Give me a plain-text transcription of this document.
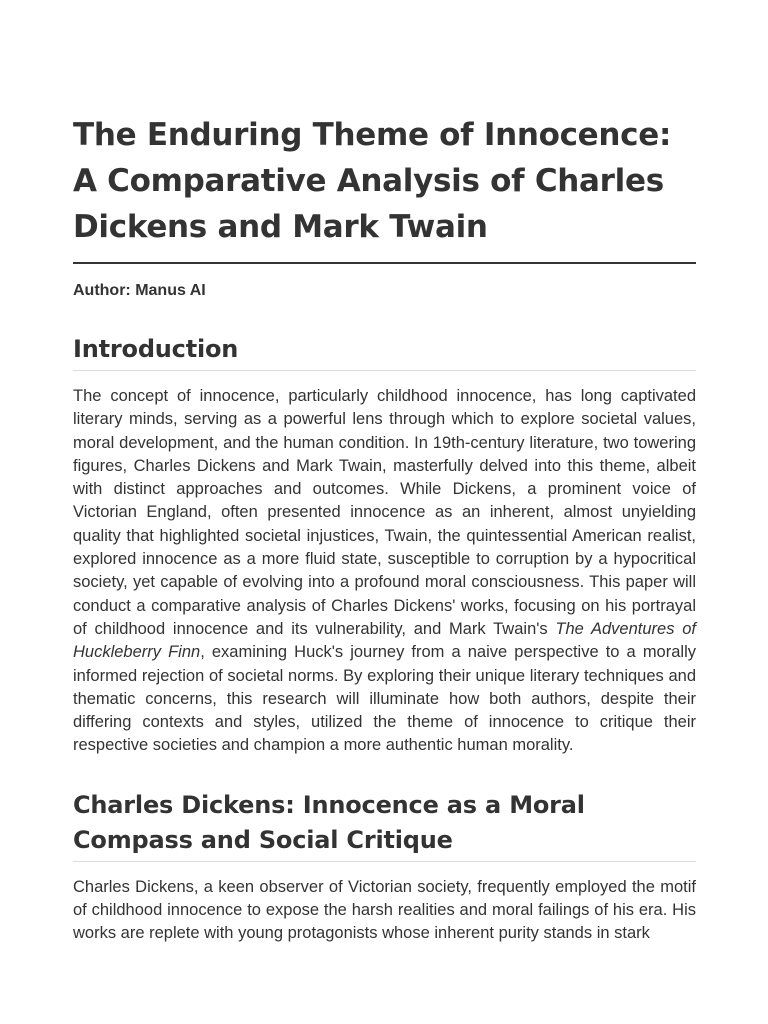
The Enduring Theme of Innocence: A Comparative Analysis of Charles Dickens and Mark Twain

Author: Manus AI

Introduction

The concept of innocence, particularly childhood innocence, has long captivated literary minds, serving as a powerful lens through which to explore societal values, moral development, and the human condition. In 19th-century literature, two towering figures, Charles Dickens and Mark Twain, masterfully delved into this theme, albeit with distinct approaches and outcomes. While Dickens, a prominent voice of Victorian England, often presented innocence as an inherent, almost unyielding quality that highlighted societal injustices, Twain, the quintessential American realist, explored innocence as a more fluid state, susceptible to corruption by a hypocritical society, yet capable of evolving into a profound moral consciousness. This paper will conduct a comparative analysis of Charles Dickens' works, focusing on his portrayal of childhood innocence and its vulnerability, and Mark Twain's The Adventures of Huckleberry Finn, examining Huck's journey from a naive perspective to a morally informed rejection of societal norms. By exploring their unique literary techniques and thematic concerns, this research will illuminate how both authors, despite their differing contexts and styles, utilized the theme of innocence to critique their respective societies and champion a more authentic human morality.

Charles Dickens: Innocence as a Moral Compass and Social Critique

Charles Dickens, a keen observer of Victorian society, frequently employed the motif of childhood innocence to expose the harsh realities and moral failings of his era. His works are replete with young protagonists whose inherent purity stands in stark
